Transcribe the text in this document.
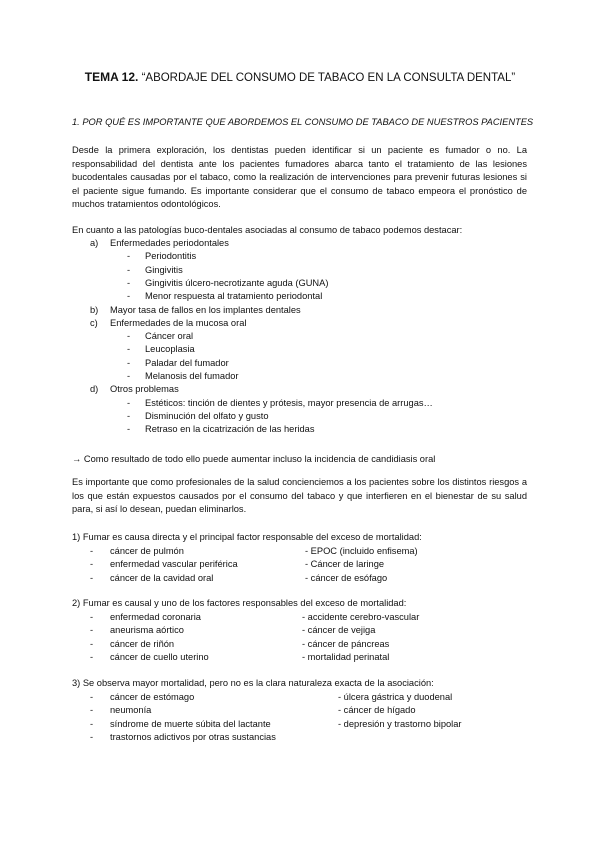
TEMA 12. “ABORDAJE DEL CONSUMO DE TABACO EN LA CONSULTA DENTAL”
1. POR QUÉ ES IMPORTANTE QUE ABORDEMOS EL CONSUMO DE TABACO DE NUESTROS PACIENTES

Desde la primera exploración, los dentistas pueden identificar si un paciente es fumador o no. La responsabilidad del dentista ante los pacientes fumadores abarca tanto el tratamiento de las lesiones bucodentales causadas por el tabaco, como la realización de intervenciones para prevenir futuras lesiones si el paciente sigue fumando. Es importante considerar que el consumo de tabaco empeora el pronóstico de muchos tratamientos odontológicos.

En cuanto a las patologías buco-dentales asociadas al consumo de tabaco podemos destacar:

a) Enfermedades periodontales
- Periodontitis
- Gingivitis
- Gingivitis úlcero-necrotizante aguda (GUNA)
- Menor respuesta al tratamiento periodontal
b) Mayor tasa de fallos en los implantes dentales
c) Enfermedades de la mucosa oral
- Cáncer oral
- Leucoplasia
- Paladar del fumador
- Melanosis del fumador
d) Otros problemas
- Estéticos: tinción de dientes y prótesis, mayor presencia de arrugas…
- Disminución del olfato y gusto
- Retraso en la cicatrización de las heridas
→ Como resultado de todo ello puede aumentar incluso la incidencia de candidiasis oral

Es importante que como profesionales de la salud concienciemos a los pacientes sobre los distintos riesgos a los que están expuestos causados por el consumo del tabaco y que interfieren en el bienestar de su salud para, si así lo desean, puedan eliminarlos.

1) Fumar es causa directa y el principal factor responsable del exceso de mortalidad:
- cáncer de pulmón
- enfermedad vascular periférica
- cáncer de la cavidad oral
- EPOC (incluido enfisema)
- Cáncer de laringe
- cáncer de esófago
2) Fumar es causal y uno de los factores responsables del exceso de mortalidad:
- enfermedad coronaria
- aneurisma aórtico
- cáncer de riñón
- cáncer de cuello uterino
- accidente cerebro-vascular
- cáncer de vejiga
- cáncer de páncreas
- mortalidad perinatal
3) Se observa mayor mortalidad, pero no es la clara naturaleza exacta de la asociación:
- cáncer de estómago
- neumonía
- síndrome de muerte súbita del lactante
- trastornos adictivos por otras sustancias
- úlcera gástrica y duodenal
- cáncer de hígado
- depresión y trastorno bipolar
